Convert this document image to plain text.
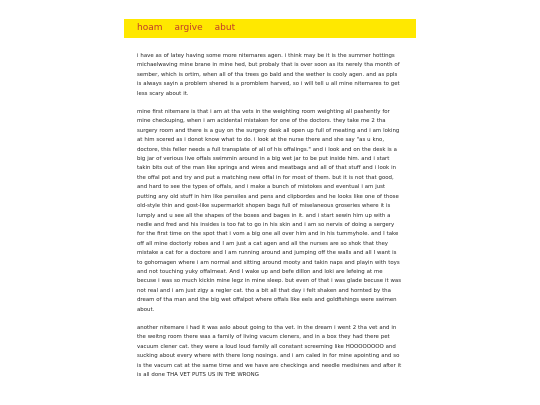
hoam argive abut

i have as of latey having some more nitemares agen. i think may be it is the summer hottings michaelwaving mine brane in mine hed, but probaly that is over soon as its nerely tha month of sember, which is ortim, when all of tha trees go bald and the wether is cooly agen. and as ppls is always sayin a problem shered is a promblem harved, so i will tell u all mine nitemares to get less scary about it.

mine first nitemare is that i am at tha vets in the weighting room weighting all pashently for mine checkuping, when i am acidental mistaken for one of the doctors. they take me 2 tha surgery room and there is a guy on the surgery desk all open up full of meating and i am loking at him scered as i donot know what to do. i look at the nurse there and she say "as u kno, doctore, this feller needs a full transplate of all of his offalings." and i look and on the desk is a big jar of verious live offals swimmin around in a big wet jar to be put inside him. and i start takin bits out of the man like springs and wires and meatbags and all of that stuff and i look in the offal pot and try and put a matching new offal in for most of them. but it is not that good, and hard to see the types of offals, and i make a bunch of mistokes and eventual i am just putting any old stuff in him like pensiles and pens and clipbordes and he looks like one of those old-style thin and gost-like supermarkit shopen bags full of miselaneous groseries where it is lumply and u see all the shapes of the boxes and bages in it. and i start sewin him up with a nedle and fred and his insides is too fat to go in his skin and i am so nervis of doing a sergery for the first time on the spot that i vom a big one all over him and in his tummyhole. and I take off all mine doctorly robes and I am just a cat agen and all the nurses are so shok that they mistake a cat for a doctore and I am running around and jumping off the walls and all I want is to gohomagen where i am normal and sitting around mooty and takin naps and playin with toys and not touching yuky offalmeat. And I wake up and befe dillon and loki are lefeing at me becuse i was so much kickin mine legz in mine sleep. but even of that i was glade becuse it was not real and i am just zigy a regler cat. tho a bit all that day i felt shaken and hornted by tha dream of tha man and the big wet offalpot where offals like eels and goldfishings were swimen about.

another nitemare i had it was aslo about going to tha vet. in the dream i went 2 tha vet and in the weitng room there was a family of living vacum cleners, and in a box they had there pet vacuum clener cat. they were a loud loud family all constant screeming like HOOOOOOOO and sucking about every where with there long nosings. and i am caled in for mine apointing and so is the vacum cat at the same time and we have are checkings and needle medisines and after it is all done THA VET PUTS US IN THE WRONG
